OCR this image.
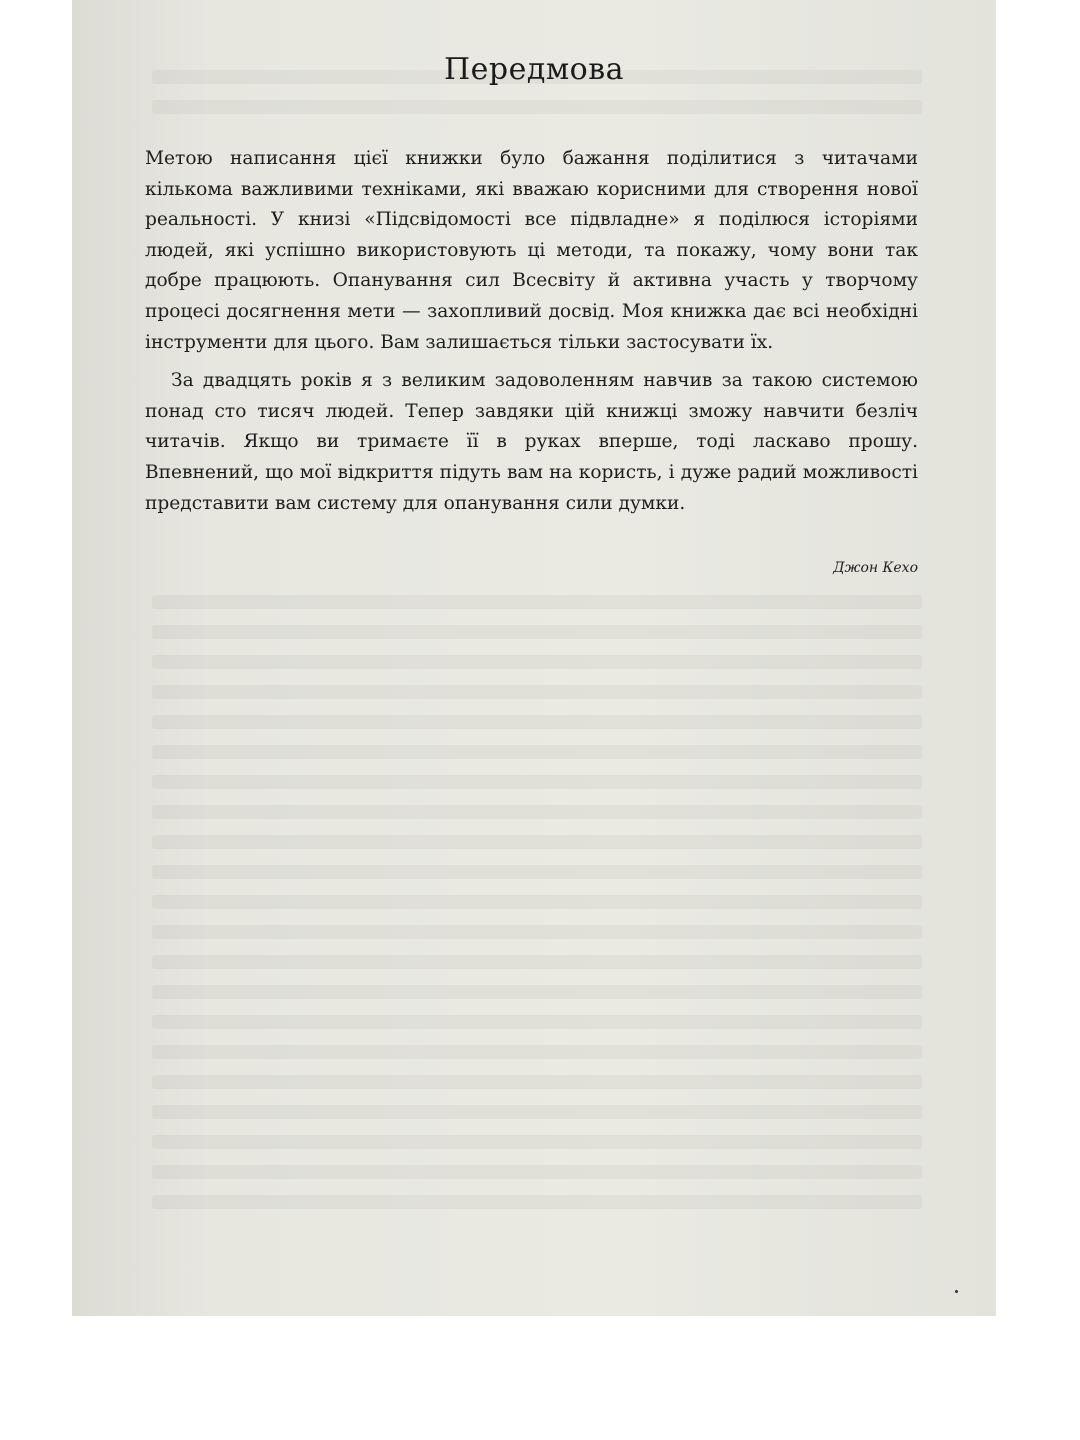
Передмова

Метою написання цієї книжки було бажання поділитися з читачами кількома важливими техніками, які вважаю корисними для створення нової реальності. У книзі «Підсвідомості все підвладне» я поділюся історіями людей, які успішно використовують ці методи, та покажу, чому вони так добре працюють. Опанування сил Всесвіту й активна участь у творчому процесі досягнення мети — захопливий досвід. Моя книжка дає всі необхідні інструменти для цього. Вам залишається тільки застосувати їх.

За двадцять років я з великим задоволенням навчив за такою системою понад сто тисяч людей. Тепер завдяки цій книжці зможу навчити безліч читачів. Якщо ви тримаєте її в руках вперше, тоді ласкаво прошу. Впевнений, що мої відкриття підуть вам на користь, і дуже радий можливості представити вам систему для опанування сили думки.

Джон Кехо
